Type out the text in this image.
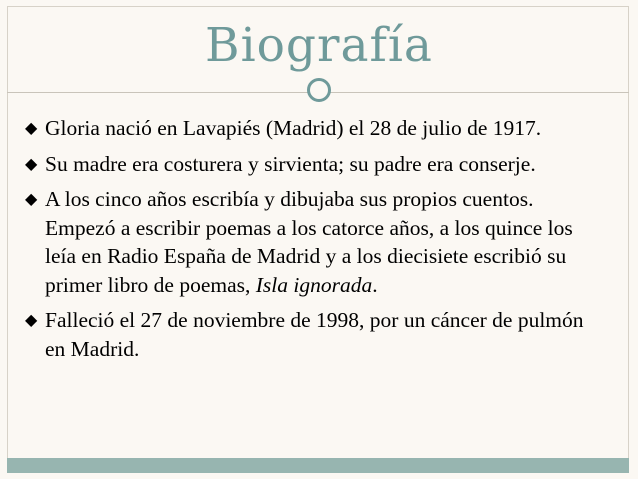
Biografía
◆ Gloria nació en Lavapiés (Madrid) el 28 de julio de 1917.
◆ Su madre era costurera y sirvienta; su padre era conserje.
◆ A los cinco años escribía y dibujaba sus propios cuentos. Empezó a escribir poemas a los catorce años, a los quince los leía en Radio España de Madrid y a los diecisiete escribió su primer libro de poemas, Isla ignorada.
◆ Falleció el 27 de noviembre de 1998, por un cáncer de pulmón en Madrid.
